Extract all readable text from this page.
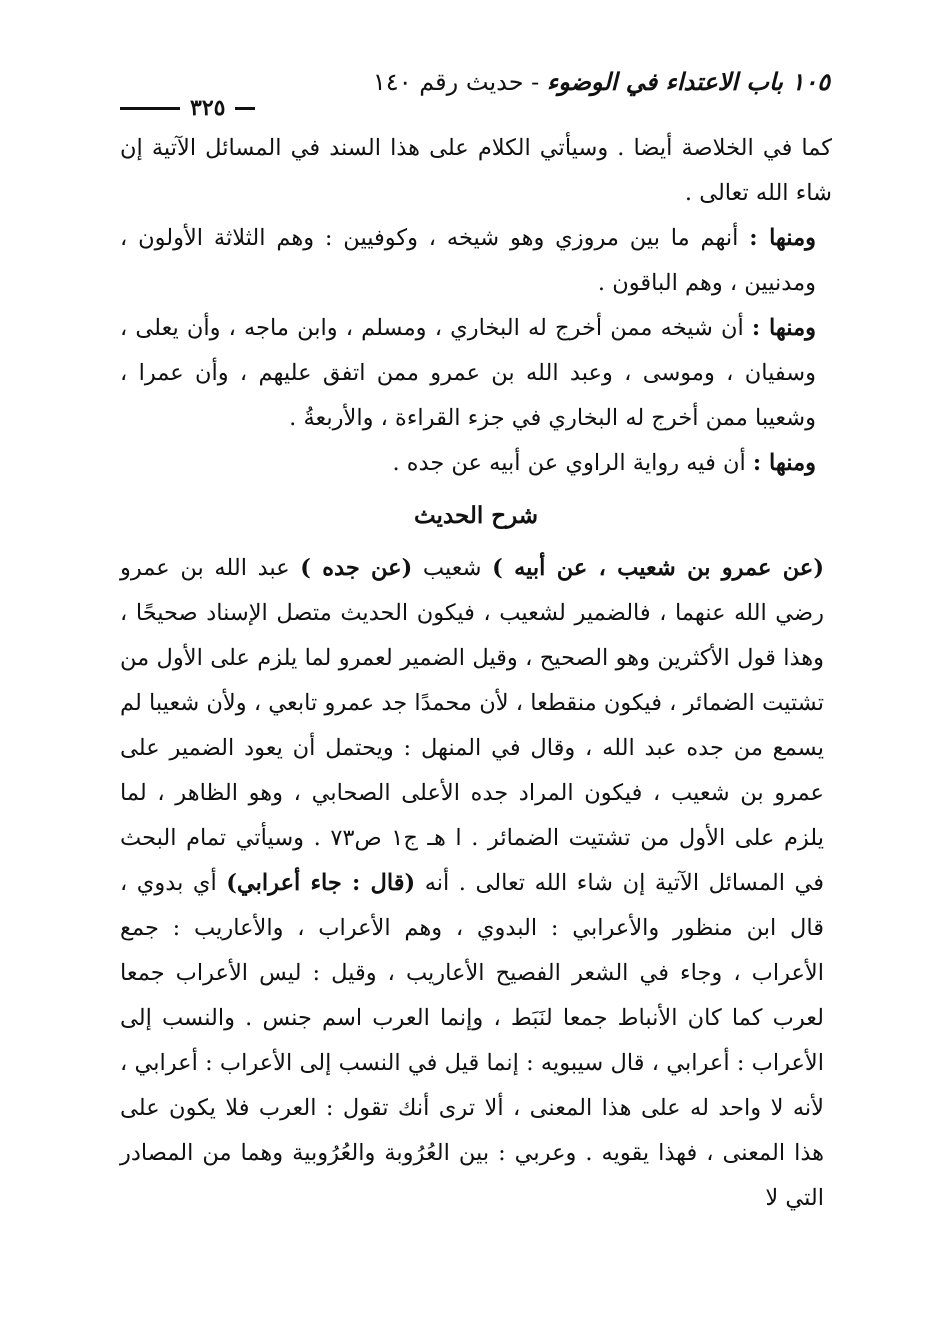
١٠٥ باب الاعتداء في الوضوء - حديث رقم ١٤٠
٣٢٥

كما في الخلاصة أيضا . وسيأتي الكلام على هذا السند في المسائل الآتية إن شاء الله تعالى .

ومنها : أنهم ما بين مروزي وهو شيخه ، وكوفيين : وهم الثلاثة الأولون ، ومدنيين ، وهم الباقون .

ومنها : أن شيخه ممن أخرج له البخاري ، ومسلم ، وابن ماجه ، وأن يعلى ، وسفيان ، وموسى ، وعبد الله بن عمرو ممن اتفق عليهم ، وأن عمرا ، وشعيبا ممن أخرج له البخاري في جزء القراءة ، والأربعةُ .

ومنها : أن فيه رواية الراوي عن أبيه عن جده .

شرح الحديث

(عن عمرو بن شعيب ، عن أبيه ) شعيب (عن جده ) عبد الله بن عمرو رضي الله عنهما ، فالضمير لشعيب ، فيكون الحديث متصل الإسناد صحيحًا ، وهذا قول الأكثرين وهو الصحيح ، وقيل الضمير لعمرو لما يلزم على الأول من تشتيت الضمائر ، فيكون منقطعا ، لأن محمدًا جد عمرو تابعي ، ولأن شعيبا لم يسمع من جده عبد الله ، وقال في المنهل : ويحتمل أن يعود الضمير على عمرو بن شعيب ، فيكون المراد جده الأعلى الصحابي ، وهو الظاهر ، لما يلزم على الأول من تشتيت الضمائر . ا هـ ج١ ص٧٣ . وسيأتي تمام البحث في المسائل الآتية إن شاء الله تعالى . أنه (قال : جاء أعرابي) أي بدوي ، قال ابن منظور والأعرابي : البدوي ، وهم الأعراب ، والأعاريب : جمع الأعراب ، وجاء في الشعر الفصيح الأعاريب ، وقيل : ليس الأعراب جمعا لعرب كما كان الأنباط جمعا لنَبَط ، وإنما العرب اسم جنس . والنسب إلى الأعراب : أعرابي ، قال سيبويه : إنما قيل في النسب إلى الأعراب : أعرابي ، لأنه لا واحد له على هذا المعنى ، ألا ترى أنك تقول : العرب فلا يكون على هذا المعنى ، فهذا يقويه . وعربي : بين العُرُوبة والعُرُوبية وهما من المصادر التي لا
